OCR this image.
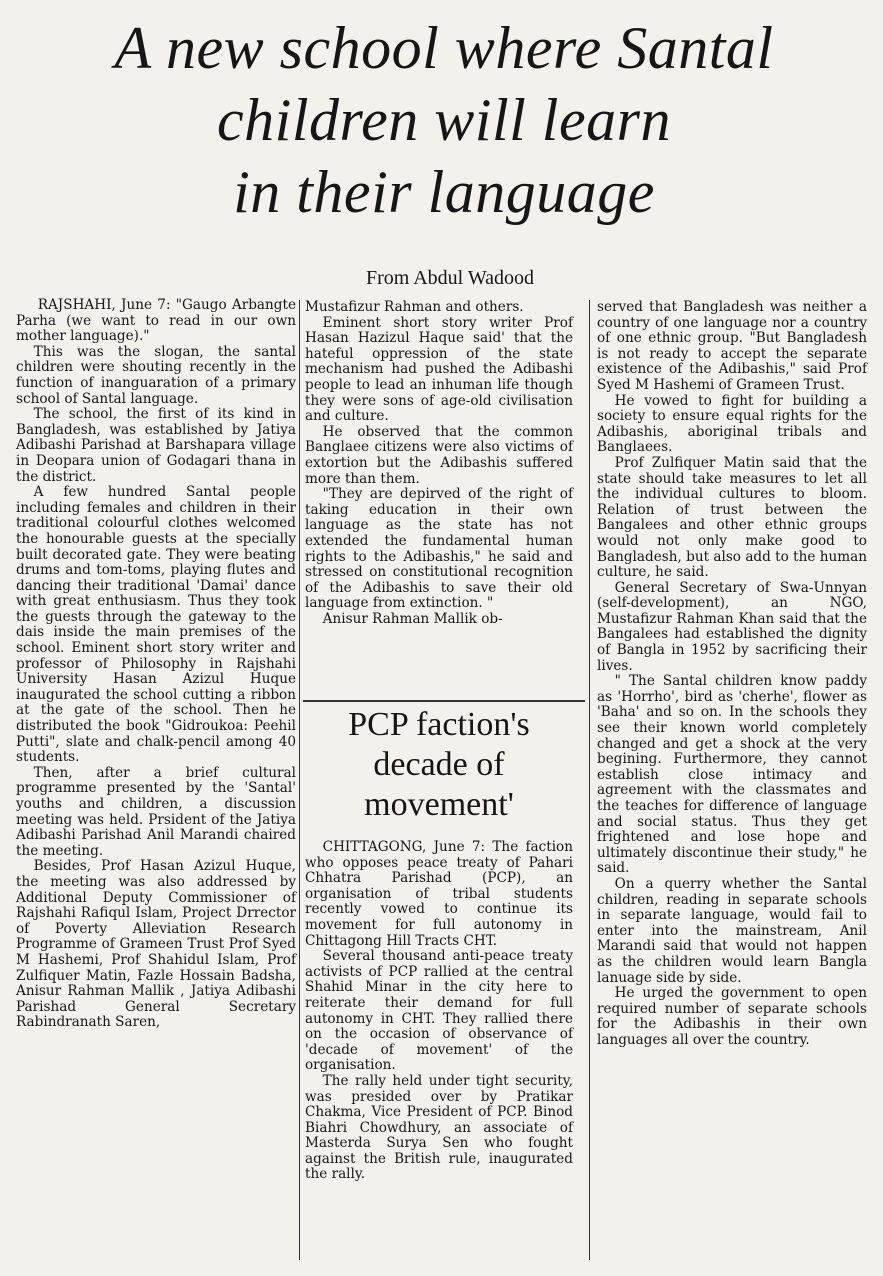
A new school where Santal
children will learn
in their language
From Abdul Wadood

RAJSHAHI, June 7: "Gaugo Arbangte Parha (we want to read in our own mother language)."

This was the slogan, the santal children were shouting recently in the function of inanguaration of a primary school of Santal language.

The school, the first of its kind in Bangladesh, was established by Jatiya Adibashi Parishad at Barshapara village in Deopara union of Godagari thana in the district.

A few hundred Santal people including females and children in their traditional colourful clothes welcomed the honourable guests at the specially built decorated gate. They were beating drums and tom-toms, playing flutes and dancing their traditional 'Damai' dance with great enthusiasm. Thus they took the guests through the gateway to the dais inside the main premises of the school. Eminent short story writer and professor of Philosophy in Rajshahi University Hasan Azizul Huque inaugurated the school cutting a ribbon at the gate of the school. Then he distributed the book "Gidroukoa: Peehil Putti", slate and chalk-pencil among 40 students.

Then, after a brief cultural programme presented by the 'Santal' youths and children, a discussion meeting was held. Prsident of the Jatiya Adibashi Parishad Anil Marandi chaired the meeting.

Besides, Prof Hasan Azizul Huque, the meeting was also addressed by Additional Deputy Commissioner of Rajshahi Rafiqul Islam, Project Drrector of Poverty Alleviation Research Programme of Grameen Trust Prof Syed M Hashemi, Prof Shahidul Islam, Prof Zulfiquer Matin, Fazle Hossain Badsha, Anisur Rahman Mallik , Jatiya Adibashi Parishad General Secretary Rabindranath Saren,

Mustafizur Rahman and others.

Eminent short story writer Prof Hasan Hazizul Haque said' that the hateful oppression of the state mechanism had pushed the Adibashi people to lead an inhuman life though they were sons of age-old civilisation and culture.

He observed that the common Banglaee citizens were also victims of extortion but the Adibashis suffered more than them.

"They are depirved of the right of taking education in their own language as the state has not extended the fundamental human rights to the Adibashis," he said and stressed on constitutional recognition of the Adibashis to save their old language from extinction. "

Anisur Rahman Mallik ob-

PCP faction's
decade of
movement'

CHITTAGONG, June 7: The faction who opposes peace treaty of Pahari Chhatra Parishad (PCP), an organisation of tribal students recently vowed to continue its movement for full autonomy in Chittagong Hill Tracts CHT.

Several thousand anti-peace treaty activists of PCP rallied at the central Shahid Minar in the city here to reiterate their demand for full autonomy in CHT. They rallied there on the occasion of observance of 'decade of movement' of the organisation.

The rally held under tight security, was presided over by Pratikar Chakma, Vice President of PCP. Binod Biahri Chowdhury, an associate of Masterda Surya Sen who fought against the British rule, inaugurated the rally.

served that Bangladesh was neither a country of one language nor a country of one ethnic group. "But Bangladesh is not ready to accept the separate existence of the Adibashis," said Prof Syed M Hashemi of Grameen Trust.

He vowed to fight for building a society to ensure equal rights for the Adibashis, aboriginal tribals and Banglaees.

Prof Zulfiquer Matin said that the state should take measures to let all the individual cultures to bloom. Relation of trust between the Bangalees and other ethnic groups would not only make good to Bangladesh, but also add to the human culture, he said.

General Secretary of Swa-Unnyan (self-development), an NGO, Mustafizur Rahman Khan said that the Bangalees had established the dignity of Bangla in 1952 by sacrificing their lives.

" The Santal children know paddy as 'Horrho', bird as 'cherhe', flower as 'Baha' and so on. In the schools they see their known world completely changed and get a shock at the very begining. Furthermore, they cannot establish close intimacy and agreement with the classmates and the teaches for difference of language and social status. Thus they get frightened and lose hope and ultimately discontinue their study," he said.

On a querry whether the Santal children, reading in separate schools in separate language, would fail to enter into the mainstream, Anil Marandi said that would not happen as the children would learn Bangla lanuage side by side.

He urged the government to open required number of separate schools for the Adibashis in their own languages all over the country.
